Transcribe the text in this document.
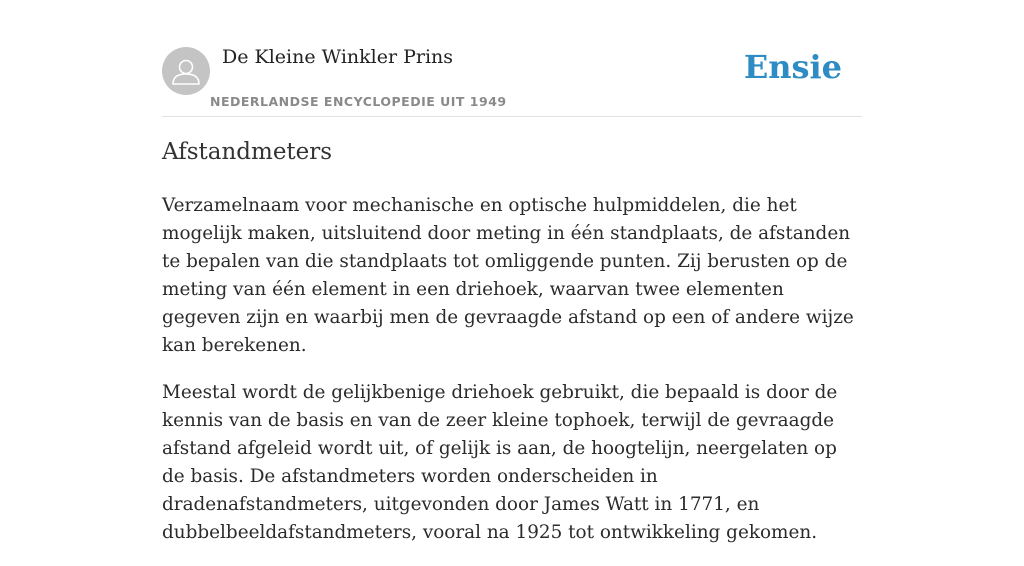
De Kleine Winkler Prins
NEDERLANDSE ENCYCLOPEDIE UIT 1949
Ensie
Afstandmeters

Verzamelnaam voor mechanische en optische hulpmiddelen, die het mogelijk maken, uitsluitend door meting in één standplaats, de afstanden te bepalen van die standplaats tot omliggende punten. Zij berusten op de meting van één element in een driehoek, waarvan twee elementen gegeven zijn en waarbij men de gevraagde afstand op een of andere wijze kan berekenen.

Meestal wordt de gelijkbenige driehoek gebruikt, die bepaald is door de kennis van de basis en van de zeer kleine tophoek, terwijl de gevraagde afstand afgeleid wordt uit, of gelijk is aan, de hoogtelijn, neergelaten op de basis. De afstandmeters worden onderscheiden in dradenafstandmeters, uitgevonden door James Watt in 1771, en dubbelbeeldafstandmeters, vooral na 1925 tot ontwikkeling gekomen.
